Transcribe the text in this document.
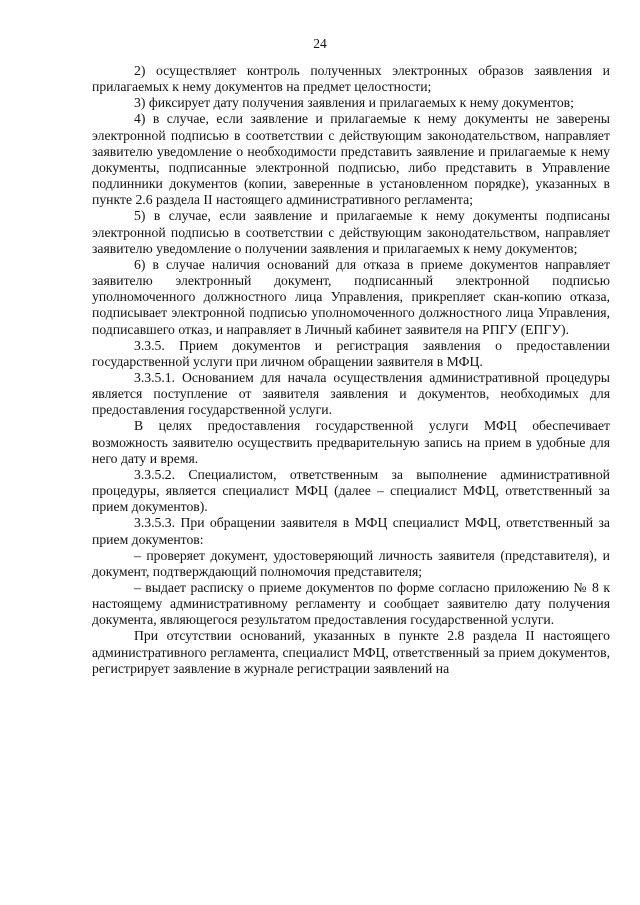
24

2) осуществляет контроль полученных электронных образов заявления и прилагаемых к нему документов на предмет целостности;

3) фиксирует дату получения заявления и прилагаемых к нему документов;

4) в случае, если заявление и прилагаемые к нему документы не заверены электронной подписью в соответствии с действующим законодательством, направляет заявителю уведомление о необходимости представить заявление и прилагаемые к нему документы, подписанные электронной подписью, либо представить в Управление подлинники документов (копии, заверенные в установленном порядке), указанных в пункте 2.6 раздела II настоящего административного регламента;

5) в случае, если заявление и прилагаемые к нему документы подписаны электронной подписью в соответствии с действующим законодательством, направляет заявителю уведомление о получении заявления и прилагаемых к нему документов;

6) в случае наличия оснований для отказа в приеме документов направляет заявителю электронный документ, подписанный электронной подписью уполномоченного должностного лица Управления, прикрепляет скан-копию отказа, подписывает электронной подписью уполномоченного должностного лица Управления, подписавшего отказ, и направляет в Личный кабинет заявителя на РПГУ (ЕПГУ).

3.3.5. Прием документов и регистрация заявления о предоставлении государственной услуги при личном обращении заявителя в МФЦ.

3.3.5.1. Основанием для начала осуществления административной процедуры является поступление от заявителя заявления и документов, необходимых для предоставления государственной услуги.

В целях предоставления государственной услуги МФЦ обеспечивает возможность заявителю осуществить предварительную запись на прием в удобные для него дату и время.

3.3.5.2. Специалистом, ответственным за выполнение административной процедуры, является специалист МФЦ (далее – специалист МФЦ, ответственный за прием документов).

3.3.5.3. При обращении заявителя в МФЦ специалист МФЦ, ответственный за прием документов:

– проверяет документ, удостоверяющий личность заявителя (представителя), и документ, подтверждающий полномочия представителя;

– выдает расписку о приеме документов по форме согласно приложению № 8 к настоящему административному регламенту и сообщает заявителю дату получения документа, являющегося результатом предоставления государственной услуги.

При отсутствии оснований, указанных в пункте 2.8 раздела II настоящего административного регламента, специалист МФЦ, ответственный за прием документов, регистрирует заявление в журнале регистрации заявлений на
